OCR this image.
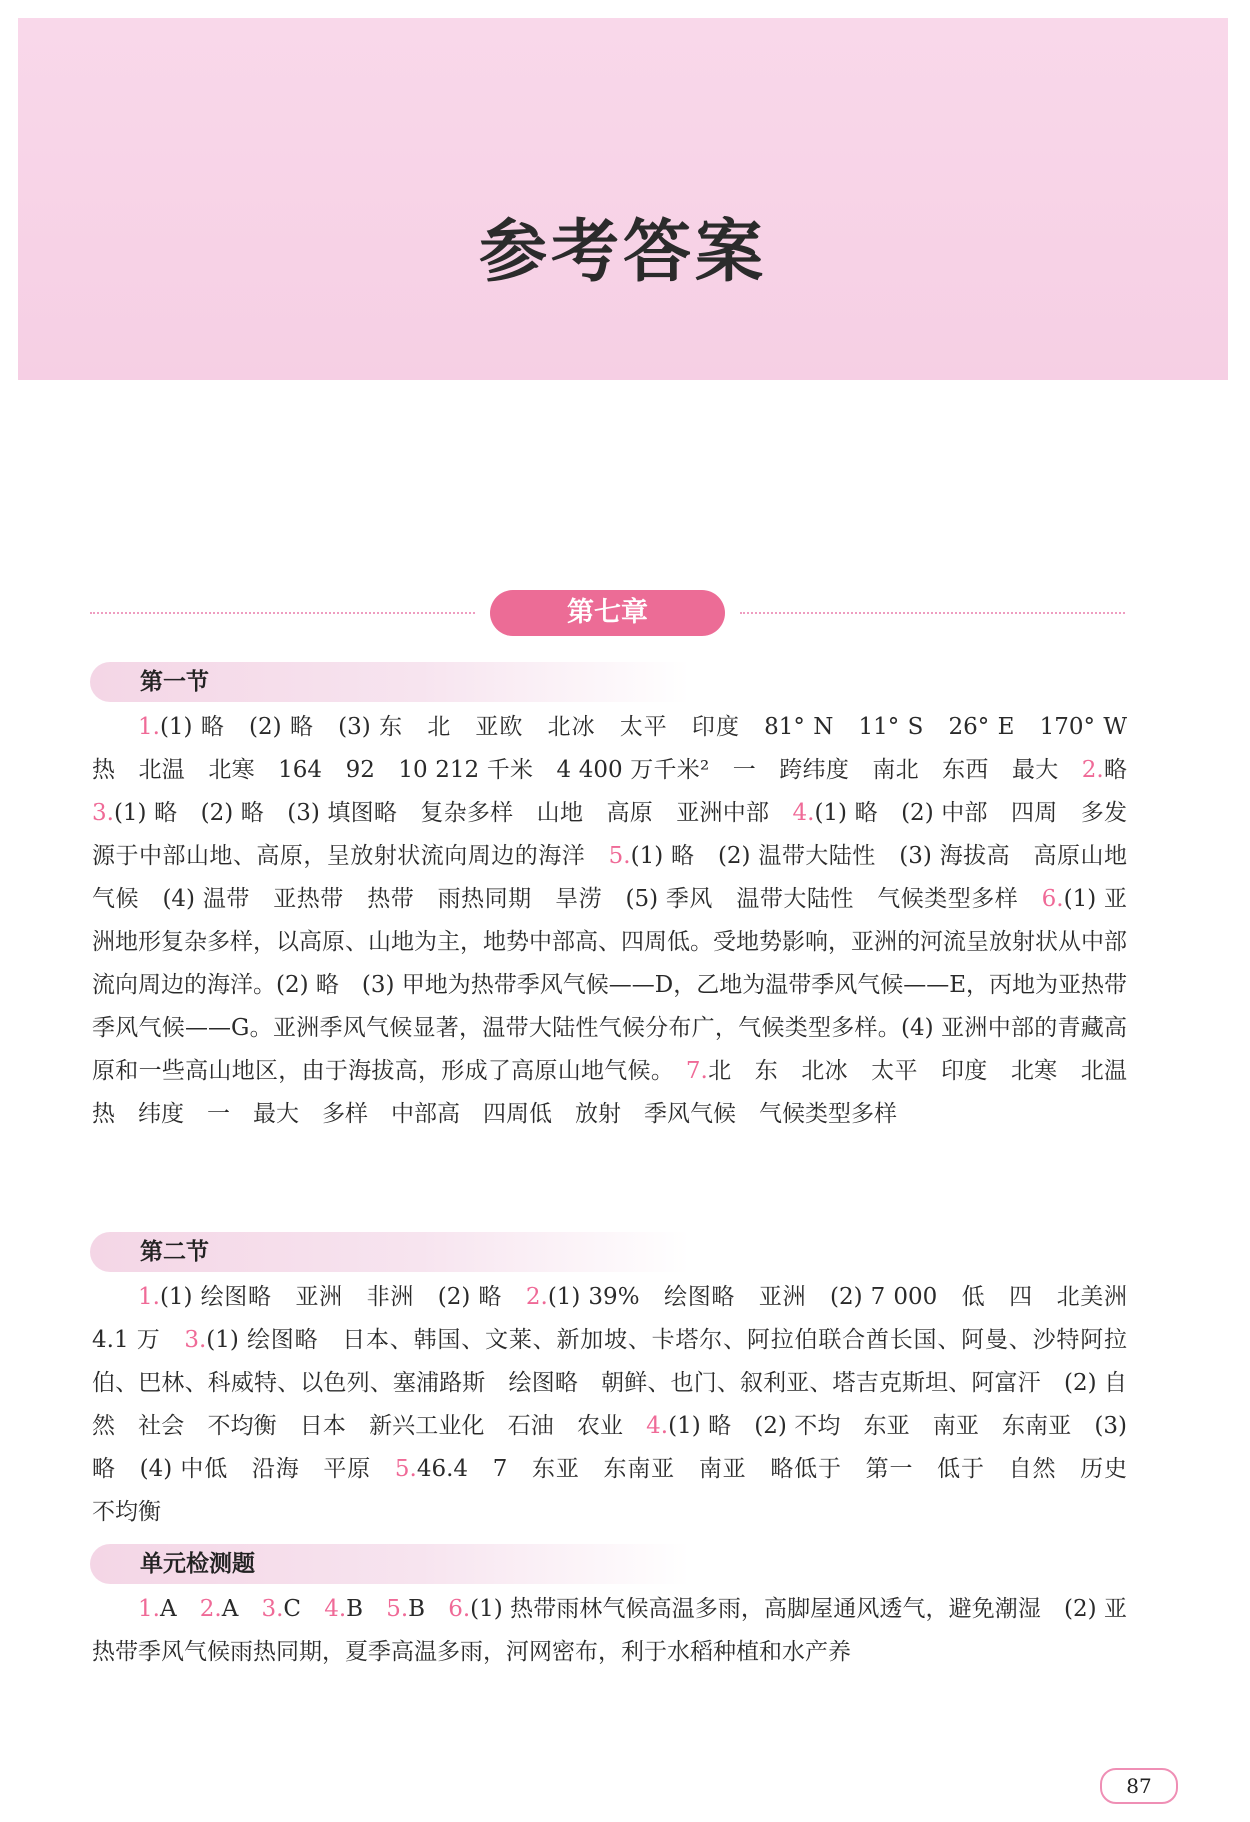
参考答案
第七章
第一节
1.(1) 略　(2) 略　(3) 东　北　亚欧　北冰　太平　印度　81° N　11° S　26° E　170° W　热　北温　北寒　164　92　10 212 千米　4 400 万千米²　一　跨纬度　南北　东西　最大　2.略　3.(1) 略　(2) 略　(3) 填图略　复杂多样　山地　高原　亚洲中部　4.(1) 略　(2) 中部　四周　多发源于中部山地、高原，呈放射状流向周边的海洋　5.(1) 略　(2) 温带大陆性　(3) 海拔高　高原山地气候　(4) 温带　亚热带　热带　雨热同期　旱涝　(5) 季风　温带大陆性　气候类型多样　6.(1) 亚洲地形复杂多样，以高原、山地为主，地势中部高、四周低。受地势影响，亚洲的河流呈放射状从中部流向周边的海洋。(2) 略　(3) 甲地为热带季风气候——D，乙地为温带季风气候——E，丙地为亚热带季风气候——G。亚洲季风气候显著，温带大陆性气候分布广，气候类型多样。(4) 亚洲中部的青藏高原和一些高山地区，由于海拔高，形成了高原山地气候。　7.北　东　北冰　太平　印度　北寒　北温　热　纬度　一　最大　多样　中部高　四周低　放射　季风气候　气候类型多样
第二节
1.(1) 绘图略　亚洲　非洲　(2) 略　2.(1) 39%　绘图略　亚洲　(2) 7 000　低　四　北美洲　4.1 万　3.(1) 绘图略　日本、韩国、文莱、新加坡、卡塔尔、阿拉伯联合酋长国、阿曼、沙特阿拉伯、巴林、科威特、以色列、塞浦路斯　绘图略　朝鲜、也门、叙利亚、塔吉克斯坦、阿富汗　(2) 自然　社会　不均衡　日本　新兴工业化　石油　农业　4.(1) 略　(2) 不均　东亚　南亚　东南亚　(3) 略　(4) 中低　沿海　平原　5.46.4　7　东亚　东南亚　南亚　略低于　第一　低于　自然　历史　不均衡
单元检测题
1.A　2.A　3.C　4.B　5.B　6.(1) 热带雨林气候高温多雨，高脚屋通风透气，避免潮湿　(2) 亚热带季风气候雨热同期，夏季高温多雨，河网密布，利于水稻种植和水产养
87
